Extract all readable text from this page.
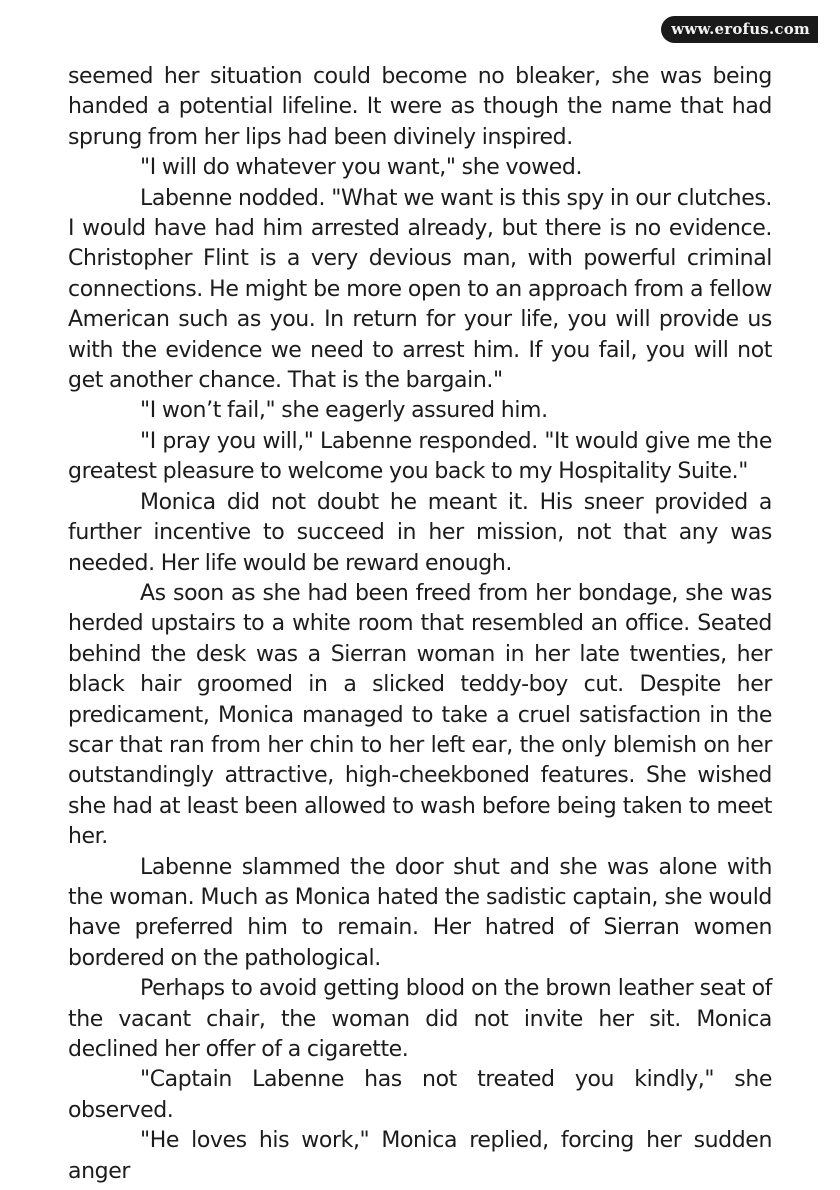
www.erofus.com

seemed her situation could become no bleaker, she was being handed a potential lifeline. It were as though the name that had sprung from her lips had been divinely inspired.

"I will do whatever you want," she vowed.

Labenne nodded. "What we want is this spy in our clutches. I would have had him arrested already, but there is no evidence. Christopher Flint is a very devious man, with powerful criminal connections. He might be more open to an approach from a fellow American such as you. In return for your life, you will provide us with the evidence we need to arrest him. If you fail, you will not get another chance. That is the bargain."

"I won’t fail," she eagerly assured him.

"I pray you will," Labenne responded. "It would give me the greatest pleasure to welcome you back to my Hospitality Suite."

Monica did not doubt he meant it. His sneer provided a further incentive to succeed in her mission, not that any was needed. Her life would be reward enough.

As soon as she had been freed from her bondage, she was herded upstairs to a white room that resembled an office. Seated behind the desk was a Sierran woman in her late twenties, her black hair groomed in a slicked teddy-boy cut. Despite her predicament, Monica managed to take a cruel satisfaction in the scar that ran from her chin to her left ear, the only blemish on her outstandingly attractive, high-cheekboned features. She wished she had at least been allowed to wash before being taken to meet her.

Labenne slammed the door shut and she was alone with the woman. Much as Monica hated the sadistic captain, she would have preferred him to remain. Her hatred of Sierran women bordered on the pathological.

Perhaps to avoid getting blood on the brown leather seat of the vacant chair, the woman did not invite her sit. Monica declined her offer of a cigarette.

"Captain Labenne has not treated you kindly," she observed.

"He loves his work," Monica replied, forcing her sudden anger
